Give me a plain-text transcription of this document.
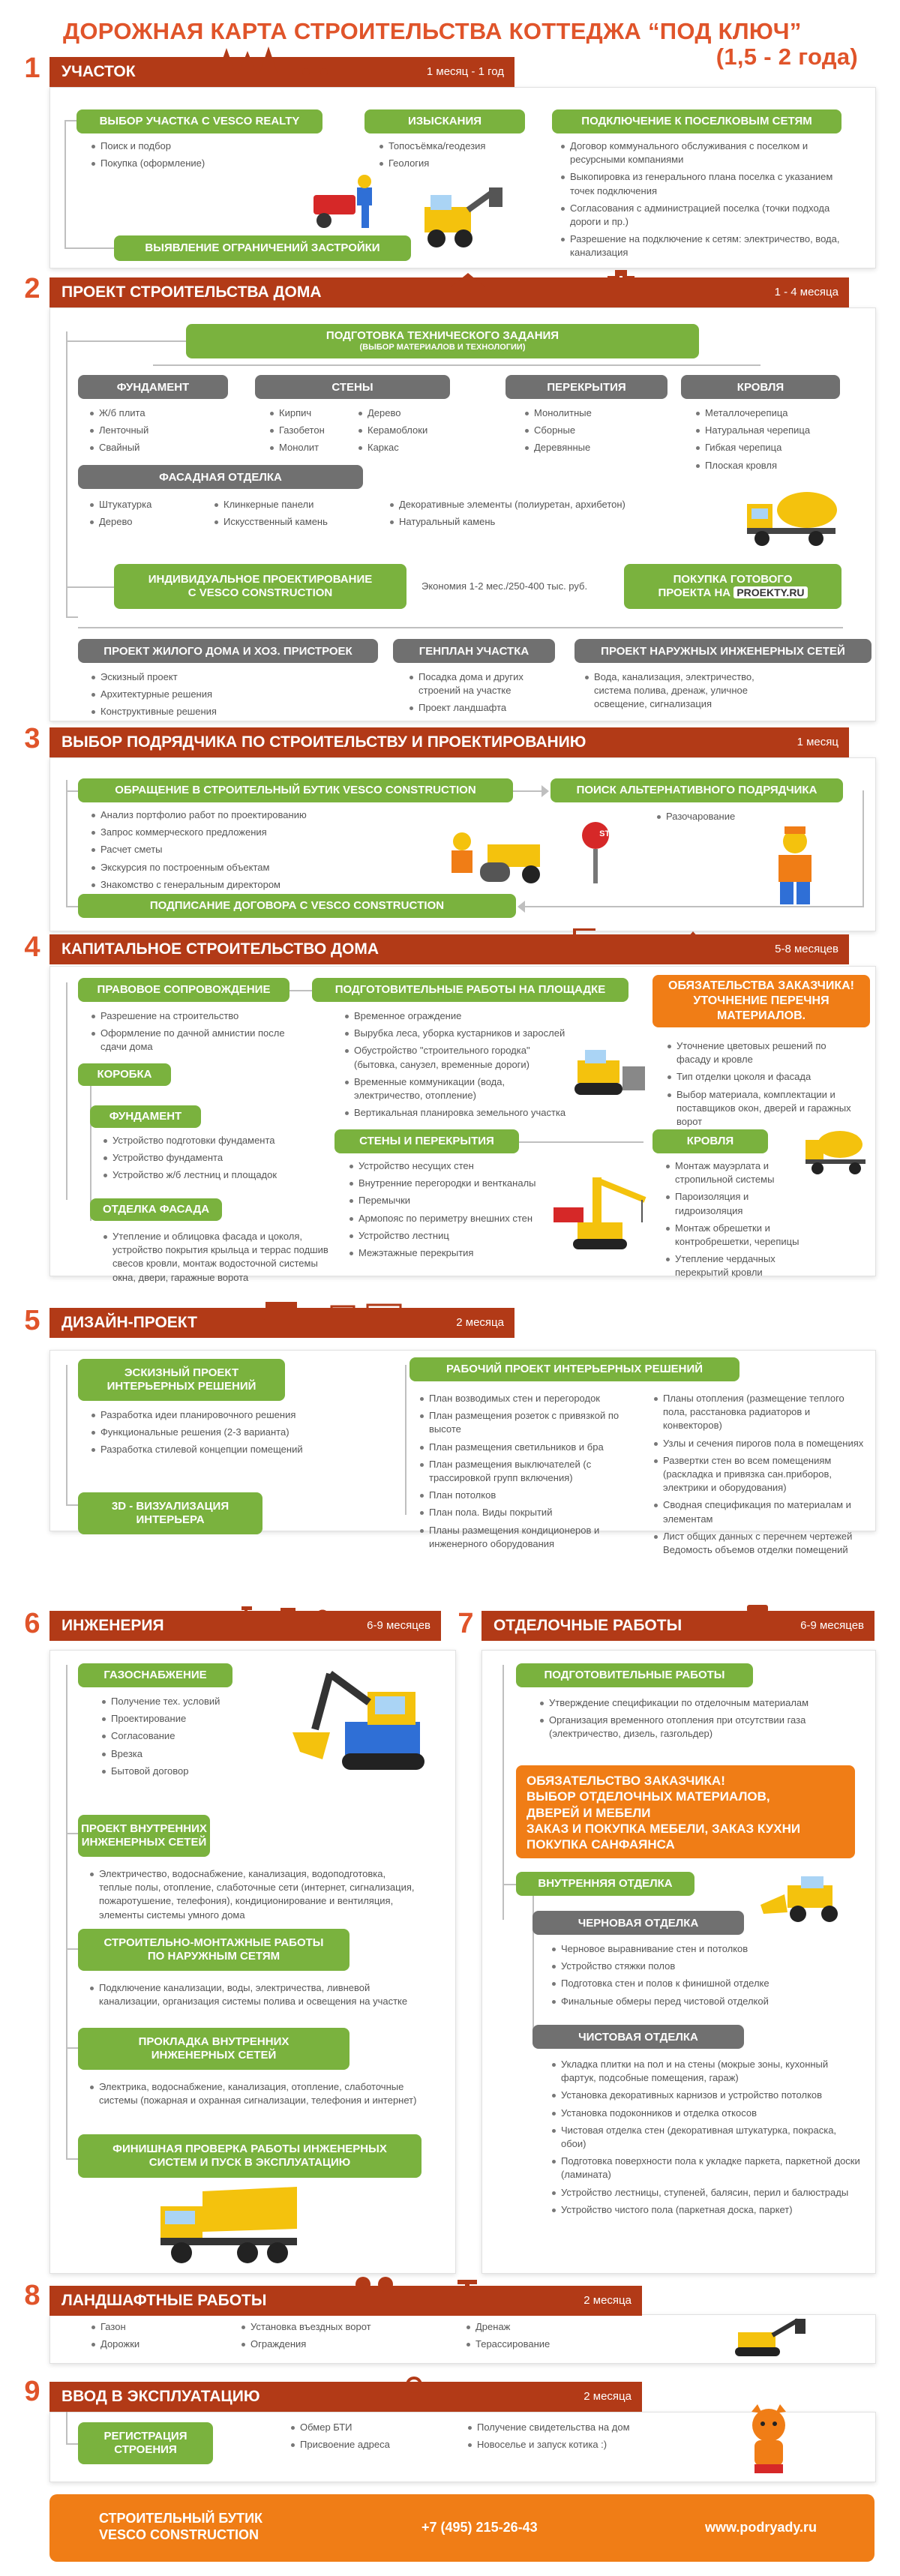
ДОРОЖНАЯ КАРТА СТРОИТЕЛЬСТВА КОТТЕДЖА “ПОД КЛЮЧ”
(1,5 - 2 года)
1	УЧАСТОК	1 месяц - 1 год
ВЫБОР УЧАСТКА С VESCO REALTY
Поиск и подбор
Покупка (оформление)
ИЗЫСКАНИЯ
Топосъёмка/геодезия
Геология
ПОДКЛЮЧЕНИЕ К ПОСЕЛКОВЫМ СЕТЯМ
Договор коммунального обслуживания с поселком и ресурсными компаниями
Выкопировка из генерального плана поселка с указанием точек подключения
Согласования с администрацией поселка (точки подхода дороги и пр.)
Разрешение на подключение к сетям: электричество, вода, канализация
ВЫЯВЛЕНИЕ ОГРАНИЧЕНИЙ ЗАСТРОЙКИ
2	ПРОЕКТ СТРОИТЕЛЬСТВА ДОМА	1 - 4 месяца
ПОДГОТОВКА ТЕХНИЧЕСКОГО ЗАДАНИЯ
(ВЫБОР МАТЕРИАЛОВ И ТЕХНОЛОГИИ)
ФУНДАМЕНТ
Ж/б плита
Ленточный
Свайный
СТЕНЫ
Кирпич
Газобетон
Монолит
Дерево
Керамоблоки
Каркас
ПЕРЕКРЫТИЯ
Монолитные
Сборные
Деревянные
КРОВЛЯ
Металлочерепица
Натуральная черепица
Гибкая черепица
Плоская кровля
ФАСАДНАЯ ОТДЕЛКА
Штукатурка
Дерево
Клинкерные панели
Искусственный камень
Декоративные элементы (полиуретан, архибетон)
Натуральный камень
ИНДИВИДУАЛЬНОЕ ПРОЕКТИРОВАНИЕ
С VESCO CONSTRUCTION
Экономия 1-2 мес./250-400 тыс. руб.
ПОКУПКА ГОТОВОГО
ПРОЕКТА НА PROEKTY.RU
ПРОЕКТ ЖИЛОГО ДОМА И ХОЗ. ПРИСТРОЕК
Эскизный проект
Архитектурные решения
Конструктивные решения
ГЕНПЛАН УЧАСТКА
Посадка дома и других строений на участке
Проект ландшафта
ПРОЕКТ НАРУЖНЫХ ИНЖЕНЕРНЫХ СЕТЕЙ
Вода, канализация, электричество, система полива, дренаж, уличное освещение, сигнализация
3	ВЫБОР ПОДРЯДЧИКА ПО СТРОИТЕЛЬСТВУ И ПРОЕКТИРОВАНИЮ	1 месяц
ОБРАЩЕНИЕ В СТРОИТЕЛЬНЫЙ БУТИК VESCO CONSTRUCTION
Анализ портфолио работ по проектированию
Запрос коммерческого предложения
Расчет сметы
Экскурсия по построенным объектам
Знакомство с генеральным директором
ПОИСК АЛЬТЕРНАТИВНОГО ПОДРЯДЧИКА
Разочарование
ПОДПИСАНИЕ ДОГОВОРА С VESCO CONSTRUCTION
STOP
4	КАПИТАЛЬНОЕ СТРОИТЕЛЬСТВО ДОМА	5-8 месяцев
ПРАВОВОЕ СОПРОВОЖДЕНИЕ
Разрешение на строительство
Оформление по дачной амнистии после сдачи дома
ПОДГОТОВИТЕЛЬНЫЕ РАБОТЫ НА ПЛОЩАДКЕ
Временное ограждение
Вырубка леса, уборка кустарников и зарослей
Обустройство "строительного городка" (бытовка, санузел, временные дороги)
Временные коммуникации (вода, электричество, отопление)
Вертикальная планировка земельного участка
ОБЯЗАТЕЛЬСТВА ЗАКАЗЧИКА! УТОЧНЕНИЕ ПЕРЕЧНЯ МАТЕРИАЛОВ.
Уточнение цветовых решений по фасаду и кровле
Тип отделки цоколя и фасада
Выбор материала, комплектации и поставщиков окон, дверей и гаражных ворот
КОРОБКА
ФУНДАМЕНТ
Устройство подготовки фундамента
Устройство фундамента
Устройство ж/б лестниц и площадок
СТЕНЫ И ПЕРЕКРЫТИЯ
Устройство несущих стен
Внутренние перегородки и вентканалы
Перемычки
Армопояс по периметру внешних стен
Устройство лестниц
Межэтажные перекрытия
КРОВЛЯ
Монтаж мауэрлата и стропильной системы
Пароизоляция и гидроизоляция
Монтаж обрешетки и контробрешетки, черепицы
Утепление чердачных перекрытий кровли
ОТДЕЛКА ФАСАДА
Утепление и облицовка фасада и цоколя, устройство покрытия крыльца и террас подшив свесов кровли, монтаж водосточной системы окна, двери, гаражные ворота
5	ДИЗАЙН-ПРОЕКТ	2 месяца
ЭСКИЗНЫЙ ПРОЕКТ
ИНТЕРЬЕРНЫХ РЕШЕНИЙ
Разработка идеи планировочного решения
Функциональные решения (2-3 варианта)
Разработка стилевой концепции помещений
3D - ВИЗУАЛИЗАЦИЯ
ИНТЕРЬЕРА
РАБОЧИЙ ПРОЕКТ ИНТЕРЬЕРНЫХ РЕШЕНИЙ
План возводимых стен и перегородок
План размещения розеток с привязкой по высоте
План размещения светильников и бра
План размещения выключателей (с трассировкой групп включения)
План потолков
План пола. Виды покрытий
Планы размещения кондиционеров и инженерного оборудования
Планы отопления (размещение теплого пола, расстановка радиаторов и конвекторов)
Узлы и сечения пирогов пола в помещениях
Развертки стен во всем помещениям (раскладка и привязка сан.приборов, электрики и оборудования)
Сводная спецификация по материалам и элементам
Лист общих данных с перечнем чертежей Ведомость объемов отделки помещений
6	ИНЖЕНЕРИЯ	6-9 месяцев
ГАЗОСНАБЖЕНИЕ
Получение тех. условий
Проектирование
Согласование
Врезка
Бытовой договор
ПРОЕКТ ВНУТРЕННИХ
ИНЖЕНЕРНЫХ СЕТЕЙ
Электричество, водоснабжение, канализация, водоподготовка, теплые полы, отопление, слаботочные сети (интернет, сигнализация, пожаротушение, телефония), кондиционирование и вентиляция, элементы системы умного дома
СТРОИТЕЛЬНО-МОНТАЖНЫЕ РАБОТЫ
ПО НАРУЖНЫМ СЕТЯМ
Подключение канализации, воды, электричества, ливневой канализации, организация системы полива и освещения на участке
ПРОКЛАДКА ВНУТРЕННИХ
ИНЖЕНЕРНЫХ СЕТЕЙ
Электрика, водоснабжение, канализация, отопление, слаботочные системы (пожарная и охранная сигнализации, телефония и интернет)
ФИНИШНАЯ ПРОВЕРКА РАБОТЫ ИНЖЕНЕРНЫХ
СИСТЕМ И ПУСК В ЭКСПЛУАТАЦИЮ
7	ОТДЕЛОЧНЫЕ РАБОТЫ	6-9 месяцев
ПОДГОТОВИТЕЛЬНЫЕ РАБОТЫ
Утверждение спецификации по отделочным материалам
Организация временного отопления при отсутствии газа (электричество, дизель, газгольдер)
ОБЯЗАТЕЛЬСТВО ЗАКАЗЧИКА!
ВЫБОР ОТДЕЛОЧНЫХ МАТЕРИАЛОВ,
ДВЕРЕЙ И МЕБЕЛИ
ЗАКАЗ И ПОКУПКА МЕБЕЛИ, ЗАКАЗ КУХНИ
ПОКУПКА САНФАЯНСА
ВНУТРЕННЯЯ ОТДЕЛКА
ЧЕРНОВАЯ ОТДЕЛКА
Черновое выравнивание стен и потолков
Устройство стяжки полов
Подготовка стен и полов к финишной отделке
Финальные обмеры перед чистовой отделкой
ЧИСТОВАЯ ОТДЕЛКА
Укладка плитки на пол и на стены (мокрые зоны, кухонный фартук, подсобные помещения, гараж)
Установка декоративных карнизов и устройство потолков
Установка подоконников и отделка откосов
Чистовая отделка стен (декоративная штукатурка, покраска, обои)
Подготовка поверхности пола к укладке паркета, паркетной доски (ламината)
Устройство лестницы, ступеней, балясин, перил и балюстрады
Устройство чистого пола (паркетная доска, паркет)
8	ЛАНДШАФТНЫЕ РАБОТЫ	2 месяца
Газон
Дорожки
Установка въездных ворот
Ограждения
Дренаж
Терассирование
9	ВВОД В ЭКСПЛУАТАЦИЮ	2 месяца
РЕГИСТРАЦИЯ
СТРОЕНИЯ
Обмер БТИ
Присвоение адреса
Получение свидетельства на дом
Новоселье и запуск котика :)
СТРОИТЕЛЬНЫЙ БУТИК
VESCO CONSTRUCTION	+7 (495) 215-26-43	www.podryady.ru
